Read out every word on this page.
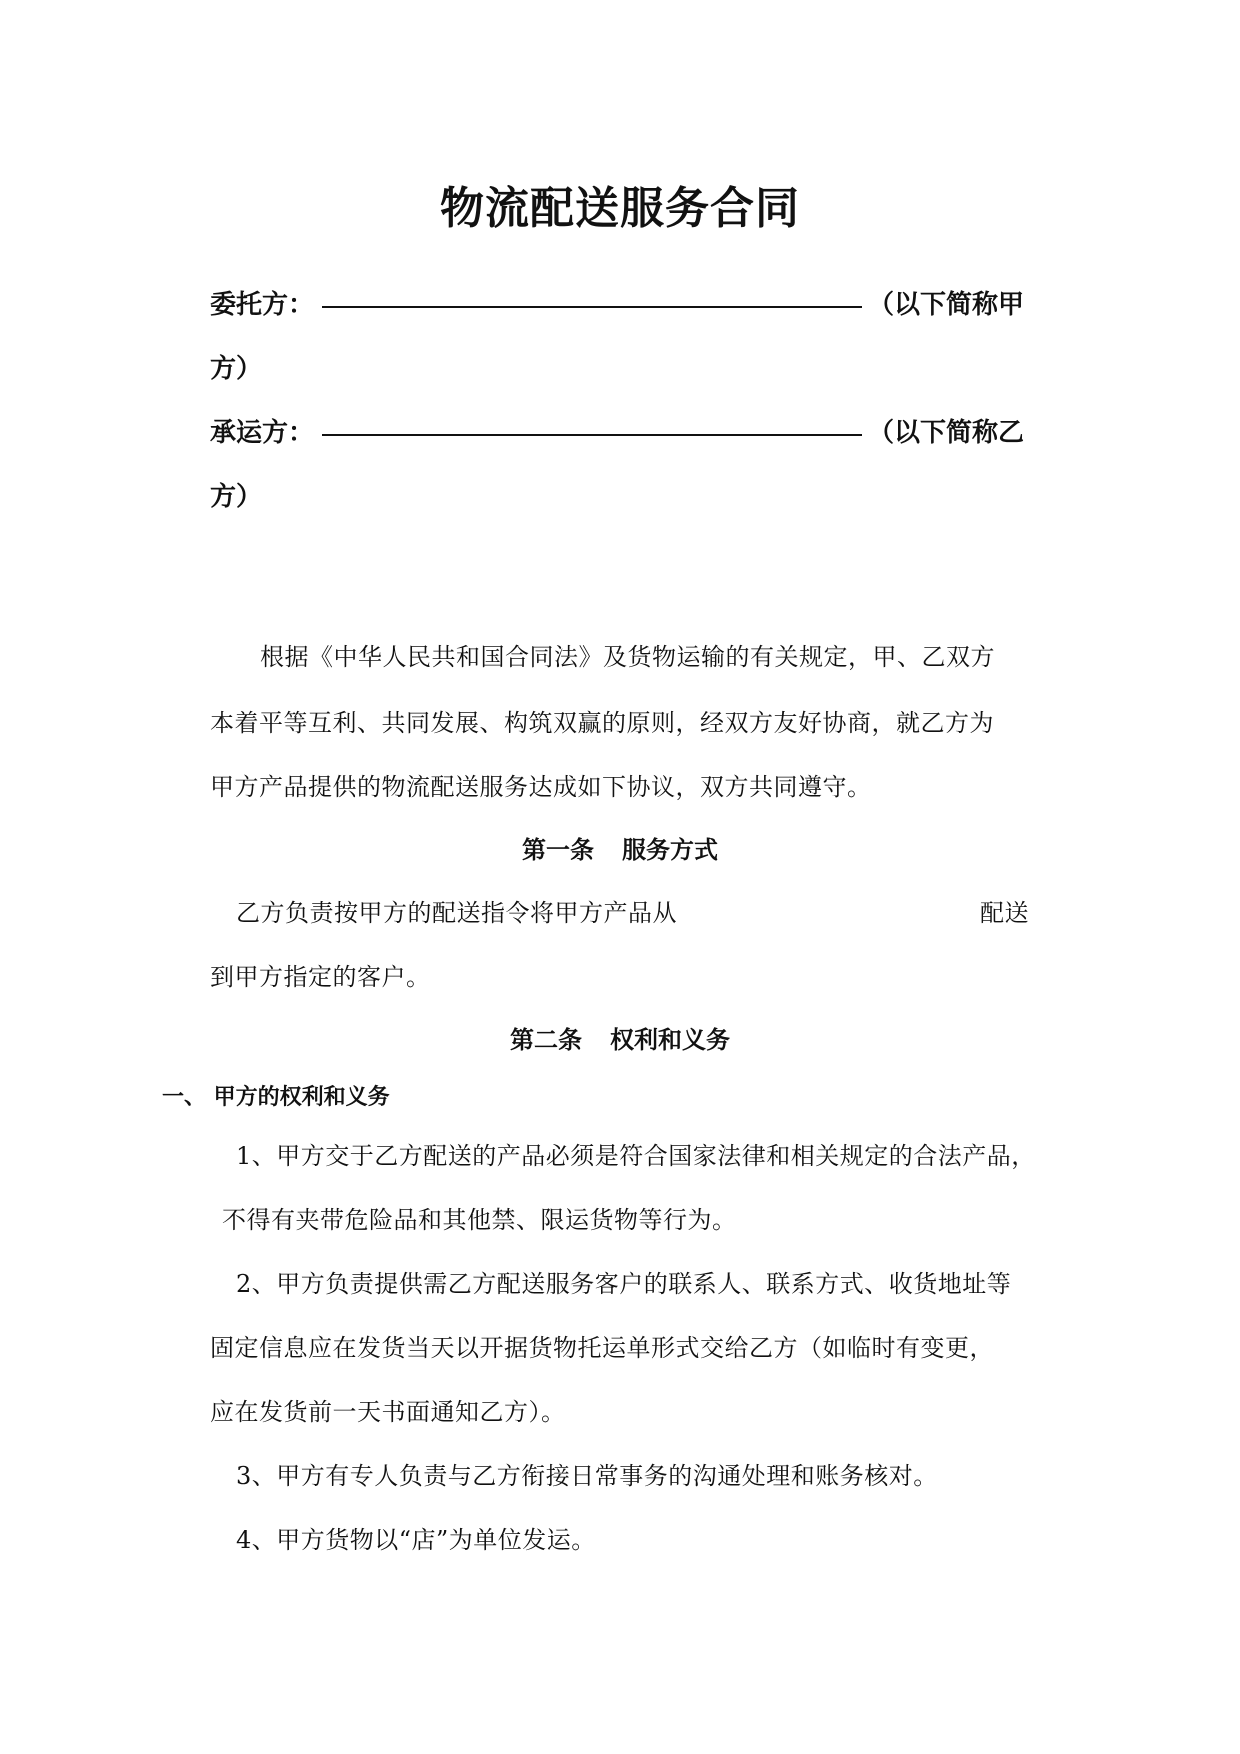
物流配送服务合同
委托方：	（以下简称甲
方）
承运方：	（以下简称乙
方）
根据《中华人民共和国合同法》及货物运输的有关规定，甲、乙双方
本着平等互利、共同发展、构筑双赢的原则，经双方友好协商，就乙方为
甲方产品提供的物流配送服务达成如下协议，双方共同遵守。
第一条 服务方式
乙方负责按甲方的配送指令将甲方产品从	配送
到甲方指定的客户。
第二条 权利和义务
一、 甲方的权利和义务
1、甲方交于乙方配送的产品必须是符合国家法律和相关规定的合法产品，
不得有夹带危险品和其他禁、限运货物等行为。
2、甲方负责提供需乙方配送服务客户的联系人、联系方式、收货地址等
固定信息应在发货当天以开据货物托运单形式交给乙方（如临时有变更，
应在发货前一天书面通知乙方）。
3、甲方有专人负责与乙方衔接日常事务的沟通处理和账务核对。
4、甲方货物以“店”为单位发运。
